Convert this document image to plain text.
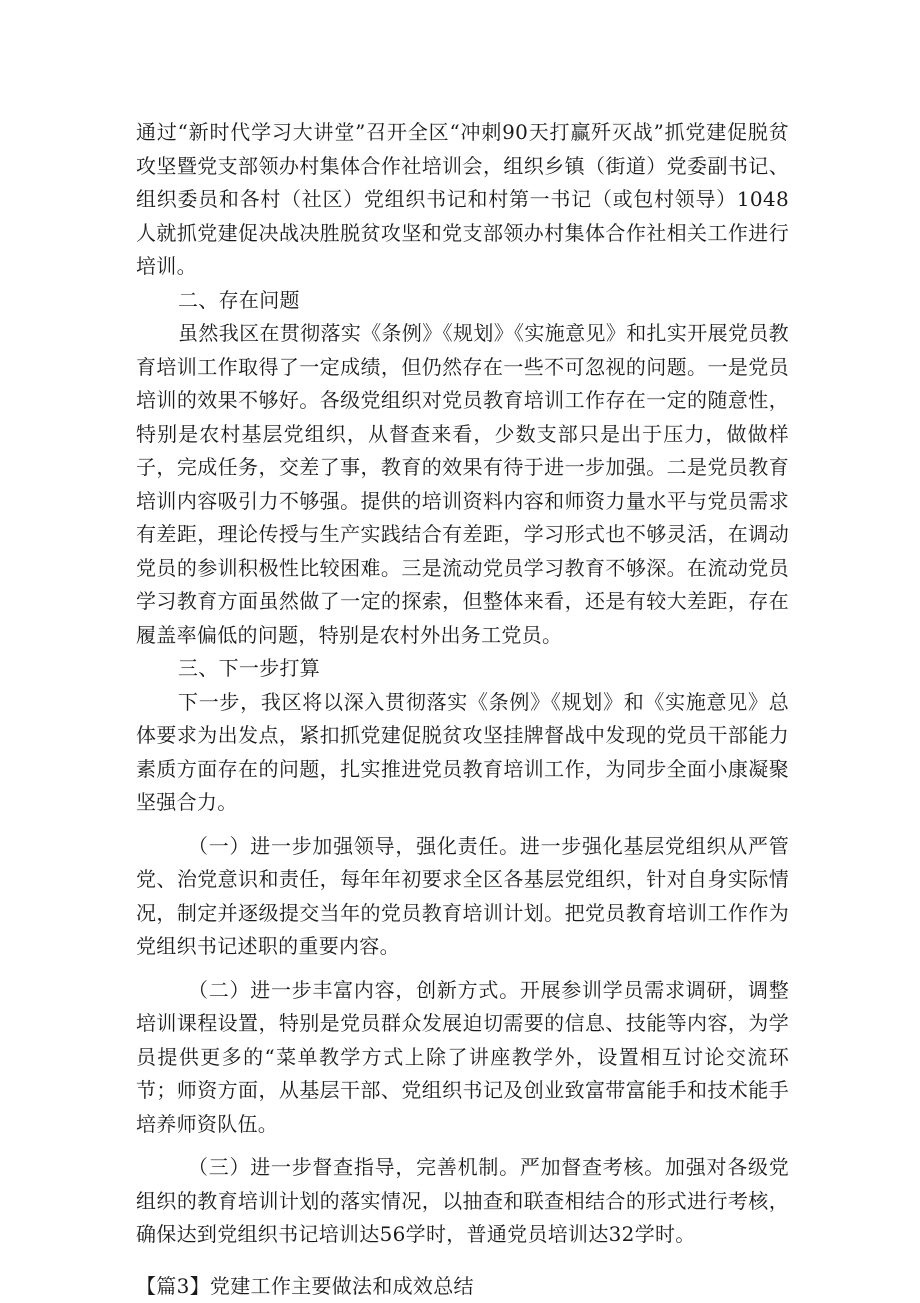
通过“新时代学习大讲堂”召开全区“冲刺90天打赢歼灭战”抓党建促脱贫攻坚暨党支部领办村集体合作社培训会，组织乡镇（街道）党委副书记、组织委员和各村（社区）党组织书记和村第一书记（或包村领导）1048人就抓党建促决战决胜脱贫攻坚和党支部领办村集体合作社相关工作进行培训。

二、存在问题

虽然我区在贯彻落实《条例》《规划》《实施意见》和扎实开展党员教育培训工作取得了一定成绩，但仍然存在一些不可忽视的问题。一是党员培训的效果不够好。各级党组织对党员教育培训工作存在一定的随意性，特别是农村基层党组织，从督查来看，少数支部只是出于压力，做做样子，完成任务，交差了事，教育的效果有待于进一步加强。二是党员教育培训内容吸引力不够强。提供的培训资料内容和师资力量水平与党员需求有差距，理论传授与生产实践结合有差距，学习形式也不够灵活，在调动党员的参训积极性比较困难。三是流动党员学习教育不够深。在流动党员学习教育方面虽然做了一定的探索，但整体来看，还是有较大差距，存在履盖率偏低的问题，特别是农村外出务工党员。

三、下一步打算

下一步，我区将以深入贯彻落实《条例》《规划》和《实施意见》总体要求为出发点，紧扣抓党建促脱贫攻坚挂牌督战中发现的党员干部能力素质方面存在的问题，扎实推进党员教育培训工作，为同步全面小康凝聚坚强合力。

（一）进一步加强领导，强化责任。进一步强化基层党组织从严管党、治党意识和责任，每年年初要求全区各基层党组织，针对自身实际情况，制定并逐级提交当年的党员教育培训计划。把党员教育培训工作作为党组织书记述职的重要内容。

（二）进一步丰富内容，创新方式。开展参训学员需求调研，调整培训课程设置，特别是党员群众发展迫切需要的信息、技能等内容，为学员提供更多的“菜单教学方式上除了讲座教学外，设置相互讨论交流环节；师资方面，从基层干部、党组织书记及创业致富带富能手和技术能手培养师资队伍。

（三）进一步督查指导，完善机制。严加督查考核。加强对各级党组织的教育培训计划的落实情况，以抽查和联查相结合的形式进行考核，确保达到党组织书记培训达56学时，普通党员培训达32学时。

【篇3】党建工作主要做法和成效总结
